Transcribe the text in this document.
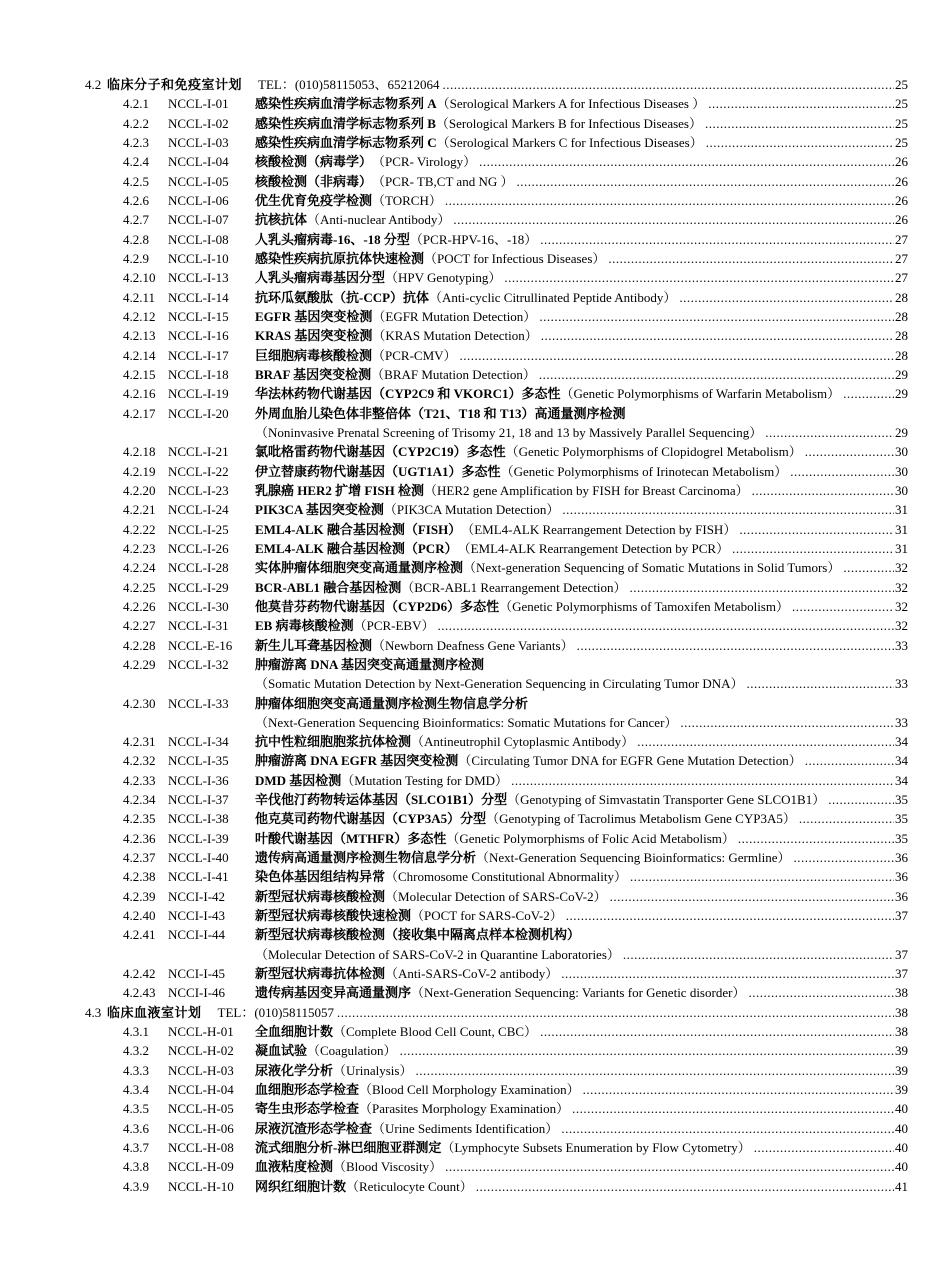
4.2 临床分子和免疫室计划 TEL：(010)58115053、65212064 .....	25
4.2.1	NCCL-I-01	感染性疾病血清学标志物系列 A （Serological Markers A for Infectious Diseases ） .....	25
4.2.2	NCCL-I-02	感染性疾病血清学标志物系列 B （Serological Markers B for Infectious Diseases） .....	25
4.2.3	NCCL-I-03	感染性疾病血清学标志物系列 C （Serological Markers C for Infectious Diseases） .....	25
4.2.4	NCCL-I-04	核酸检测（病毒学） （PCR- Virology） .....	26
4.2.5	NCCL-I-05	核酸检测（非病毒） （PCR- TB,CT and NG ） .....	26
4.2.6	NCCL-I-06	优生优育免疫学检测 （TORCH） .....	26
4.2.7	NCCL-I-07	抗核抗体 （Anti-nuclear Antibody） .....	26
4.2.8	NCCL-I-08	人乳头瘤病毒-16、-18 分型 （PCR-HPV-16、-18） .....	27
4.2.9	NCCL-I-10	感染性疾病抗原抗体快速检测 （POCT for Infectious Diseases） .....	27
4.2.10 NCCL-I-13	人乳头瘤病毒基因分型 （HPV Genotyping） .....	27
4.2.11 NCCL-I-14	抗环瓜氨酸肽（抗-CCP）抗体 （Anti-cyclic Citrullinated Peptide Antibody） .....	28
4.2.12 NCCL-I-15	EGFR 基因突变检测 （EGFR Mutation Detection） .....	28
4.2.13 NCCL-I-16	KRAS 基因突变检测 （KRAS Mutation Detection） .....	28
4.2.14 NCCL-I-17	巨细胞病毒核酸检测 （PCR-CMV） .....	28
4.2.15 NCCL-I-18	BRAF 基因突变检测 （BRAF Mutation Detection） .....	29
4.2.16 NCCL-I-19	华法林药物代谢基因（CYP2C9 和 VKORC1）多态性 （Genetic Polymorphisms of Warfarin Metabolism） .....	29
4.2.17 NCCL-I-20	外周血胎儿染色体非整倍体（T21、T18 和 T13）高通量测序检测
（Noninvasive Prenatal Screening of Trisomy 21, 18 and 13 by Massively Parallel Sequencing） .....	29
4.2.18 NCCL-I-21	氯吡格雷药物代谢基因（CYP2C19）多态性 （Genetic Polymorphisms of Clopidogrel Metabolism） .....	30
4.2.19 NCCL-I-22	伊立替康药物代谢基因（UGT1A1）多态性 （Genetic Polymorphisms of Irinotecan Metabolism） .....	30
4.2.20 NCCL-I-23	乳腺癌 HER2 扩增 FISH 检测 （HER2 gene Amplification by FISH for Breast Carcinoma） .....	30
4.2.21 NCCL-I-24	PIK3CA 基因突变检测 （PIK3CA Mutation Detection） .....	31
4.2.22 NCCL-I-25	EML4-ALK 融合基因检测（FISH） （EML4-ALK Rearrangement Detection by FISH） .....	31
4.2.23 NCCL-I-26	EML4-ALK 融合基因检测（PCR） （EML4-ALK Rearrangement Detection by PCR） .....	31
4.2.24 NCCL-I-28	实体肿瘤体细胞突变高通量测序检测 （Next-generation Sequencing of Somatic Mutations in Solid Tumors） .....	32
4.2.25 NCCL-I-29	BCR-ABL1 融合基因检测 （BCR-ABL1 Rearrangement Detection） .....	32
4.2.26 NCCL-I-30	他莫昔芬药物代谢基因（CYP2D6）多态性 （Genetic Polymorphisms of Tamoxifen Metabolism） .....	32
4.2.27 NCCL-I-31	EB 病毒核酸检测 （PCR-EBV） .....	32
4.2.28 NCCL-E-16	新生儿耳聋基因检测 （Newborn Deafness Gene Variants） .....	33
4.2.29 NCCL-I-32	肿瘤游离 DNA 基因突变高通量测序检测
（Somatic Mutation Detection by Next-Generation Sequencing in Circulating Tumor DNA） .....	33
4.2.30 NCCL-I-33	肿瘤体细胞突变高通量测序检测生物信息学分析
（Next-Generation Sequencing Bioinformatics: Somatic Mutations for Cancer） .....	33
4.2.31 NCCL-I-34	抗中性粒细胞胞浆抗体检测 （Antineutrophil Cytoplasmic Antibody） .....	34
4.2.32 NCCL-I-35	肿瘤游离 DNA EGFR 基因突变检测 （Circulating Tumor DNA for EGFR Gene Mutation Detection） .....	34
4.2.33 NCCL-I-36	DMD 基因检测 （Mutation Testing for DMD） .....	34
4.2.34 NCCL-I-37	辛伐他汀药物转运体基因（SLCO1B1）分型 （Genotyping of Simvastatin Transporter Gene SLCO1B1） .....	35
4.2.35 NCCL-I-38	他克莫司药物代谢基因（CYP3A5）分型 （Genotyping of Tacrolimus Metabolism Gene CYP3A5） .....	35
4.2.36 NCCL-I-39	叶酸代谢基因（MTHFR）多态性 （Genetic Polymorphisms of Folic Acid Metabolism） .....	35
4.2.37 NCCL-I-40	遗传病高通量测序检测生物信息学分析 （Next-Generation Sequencing Bioinformatics: Germline） .....	36
4.2.38 NCCL-I-41	染色体基因组结构异常 （Chromosome Constitutional Abnormality） .....	36
4.2.39 NCCI-I-42	新型冠状病毒核酸检测 （Molecular Detection of SARS-CoV-2） .....	36
4.2.40 NCCI-I-43	新型冠状病毒核酸快速检测 （POCT for SARS-CoV-2） .....	37
4.2.41 NCCI-I-44	新型冠状病毒核酸检测（接收集中隔离点样本检测机构）
（Molecular Detection of SARS-CoV-2 in Quarantine Laboratories） .....	37
4.2.42 NCCI-I-45	新型冠状病毒抗体检测 （Anti-SARS-CoV-2 antibody） .....	37
4.2.43 NCCI-I-46	遗传病基因变异高通量测序 （Next-Generation Sequencing: Variants for Genetic disorder） .....	38
4.3 临床血液室计划 TEL：(010)58115057 .....	38
4.3.1	NCCL-H-01	全血细胞计数 （Complete Blood Cell Count, CBC） .....	38
4.3.2	NCCL-H-02	凝血试验 （Coagulation） .....	39
4.3.3	NCCL-H-03	尿液化学分析 （Urinalysis） .....	39
4.3.4	NCCL-H-04	血细胞形态学检查 （Blood Cell Morphology Examination） .....	39
4.3.5	NCCL-H-05	寄生虫形态学检查 （Parasites Morphology Examination） .....	40
4.3.6	NCCL-H-06	尿液沉渣形态学检查 （Urine Sediments Identification） .....	40
4.3.7	NCCL-H-08	流式细胞分析-淋巴细胞亚群测定 （Lymphocyte Subsets Enumeration by Flow Cytometry） .....	40
4.3.8	NCCL-H-09	血液粘度检测 （Blood Viscosity） .....	40
4.3.9	NCCL-H-10	网织红细胞计数 （Reticulocyte Count） .....	41
